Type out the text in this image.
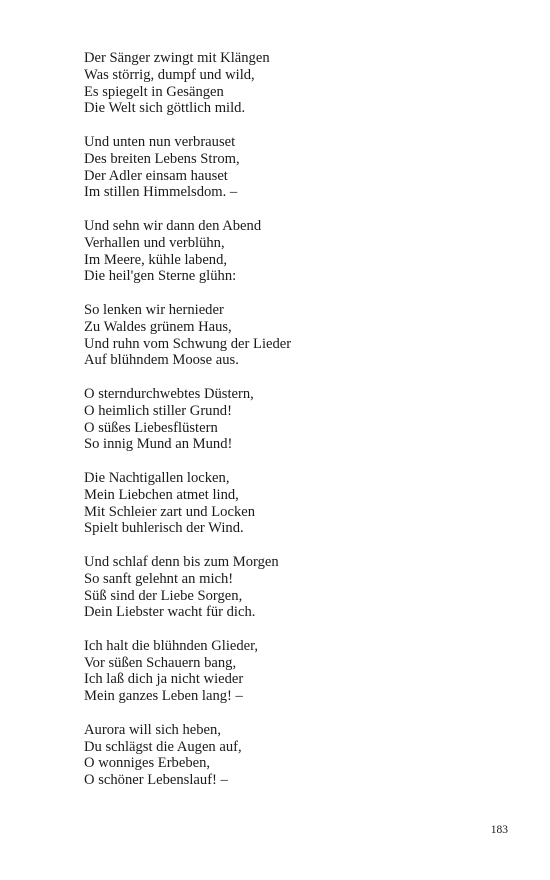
Der Sänger zwingt mit Klängen
Was störrig, dumpf und wild,
Es spiegelt in Gesängen
Die Welt sich göttlich mild.
Und unten nun verbrauset
Des breiten Lebens Strom,
Der Adler einsam hauset
Im stillen Himmelsdom. –
Und sehn wir dann den Abend
Verhallen und verblühn,
Im Meere, kühle labend,
Die heil'gen Sterne glühn:
So lenken wir hernieder
Zu Waldes grünem Haus,
Und ruhn vom Schwung der Lieder
Auf blühndem Moose aus.
O sterndurchwebtes Düstern,
O heimlich stiller Grund!
O süßes Liebesflüstern
So innig Mund an Mund!
Die Nachtigallen locken,
Mein Liebchen atmet lind,
Mit Schleier zart und Locken
Spielt buhlerisch der Wind.
Und schlaf denn bis zum Morgen
So sanft gelehnt an mich!
Süß sind der Liebe Sorgen,
Dein Liebster wacht für dich.
Ich halt die blühnden Glieder,
Vor süßen Schauern bang,
Ich laß dich ja nicht wieder
Mein ganzes Leben lang! –
Aurora will sich heben,
Du schlägst die Augen auf,
O wonniges Erbeben,
O schöner Lebenslauf! –
183
